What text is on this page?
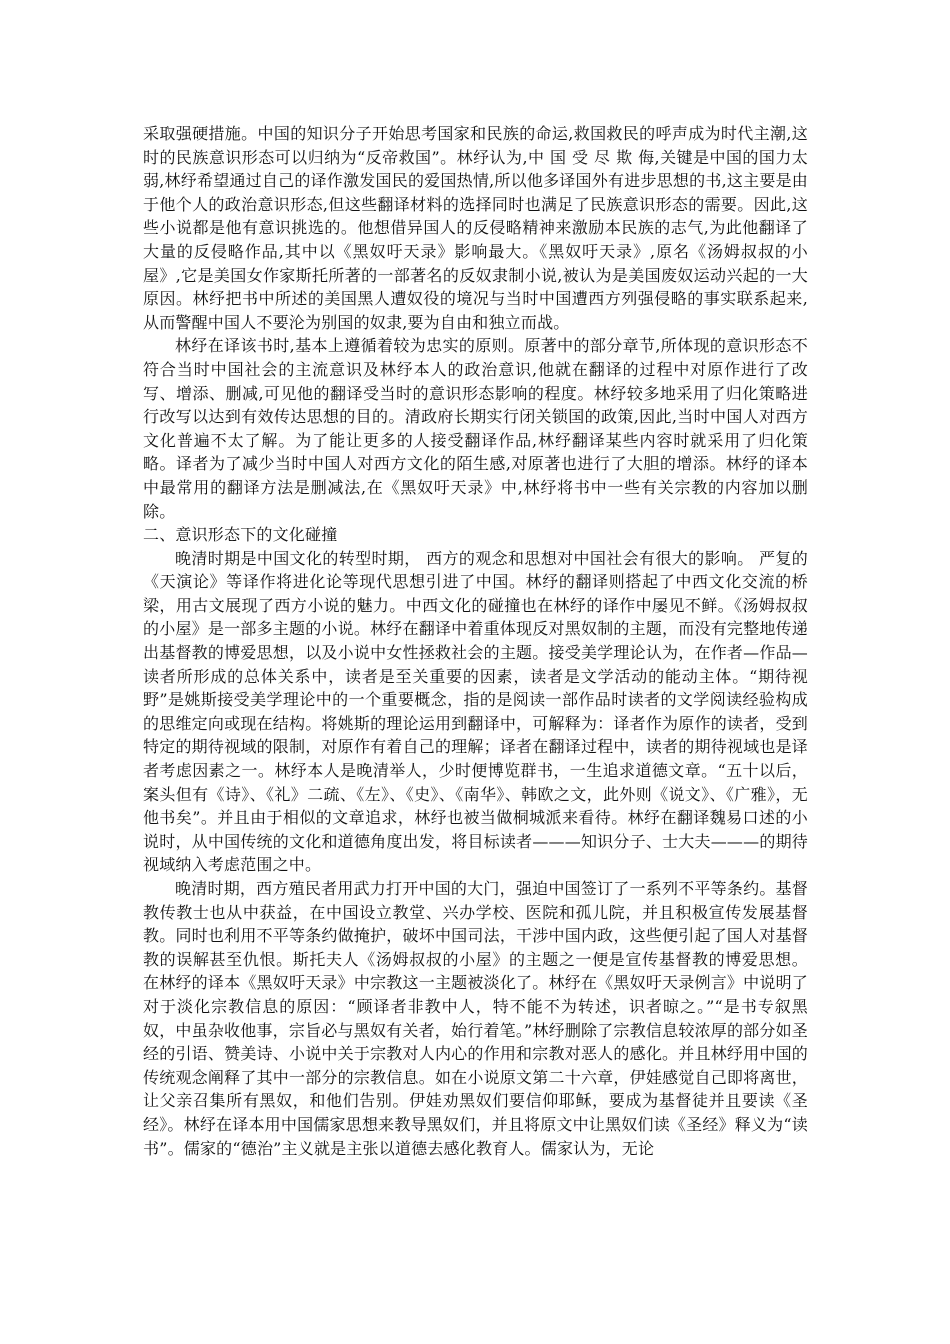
采取强硬措施。中国的知识分子开始思考国家和民族的命运,救国救民的呼声成为时代主潮,这时的民族意识形态可以归纳为“反帝救国”。林纾认为,中 国 受 尽 欺 侮,关键是中国的国力太弱,林纾希望通过自己的译作激发国民的爱国热情,所以他多译国外有进步思想的书,这主要是由于他个人的政治意识形态,但这些翻译材料的选择同时也满足了民族意识形态的需要。因此,这些小说都是他有意识挑选的。他想借异国人的反侵略精神来激励本民族的志气,为此他翻译了大量的反侵略作品,其中以《黑奴吁天录》影响最大。《黑奴吁天录》,原名《汤姆叔叔的小屋》,它是美国女作家斯托所著的一部著名的反奴隶制小说,被认为是美国废奴运动兴起的一大原因。林纾把书中所述的美国黑人遭奴役的境况与当时中国遭西方列强侵略的事实联系起来,从而警醒中国人不要沦为别国的奴隶,要为自由和独立而战。

林纾在译该书时,基本上遵循着较为忠实的原则。原著中的部分章节,所体现的意识形态不符合当时中国社会的主流意识及林纾本人的政治意识,他就在翻译的过程中对原作进行了改写、增添、删减,可见他的翻译受当时的意识形态影响的程度。林纾较多地采用了归化策略进行改写以达到有效传达思想的目的。清政府长期实行闭关锁国的政策,因此,当时中国人对西方文化普遍不太了解。为了能让更多的人接受翻译作品,林纾翻译某些内容时就采用了归化策略。译者为了减少当时中国人对西方文化的陌生感,对原著也进行了大胆的增添。林纾的译本中最常用的翻译方法是删减法,在《黑奴吁天录》中,林纾将书中一些有关宗教的内容加以删除。

二、意识形态下的文化碰撞

晚清时期是中国文化的转型时期， 西方的观念和思想对中国社会有很大的影响。 严复的《天演论》等译作将进化论等现代思想引进了中国。林纾的翻译则搭起了中西文化交流的桥梁，用古文展现了西方小说的魅力。中西文化的碰撞也在林纾的译作中屡见不鲜。《汤姆叔叔的小屋》是一部多主题的小说。林纾在翻译中着重体现反对黑奴制的主题，而没有完整地传递出基督教的博爱思想，以及小说中女性拯救社会的主题。接受美学理论认为，在作者—作品—读者所形成的总体关系中，读者是至关重要的因素，读者是文学活动的能动主体。“期待视野”是姚斯接受美学理论中的一个重要概念，指的是阅读一部作品时读者的文学阅读经验构成的思维定向或现在结构。将姚斯的理论运用到翻译中，可解释为：译者作为原作的读者，受到特定的期待视域的限制，对原作有着自己的理解；译者在翻译过程中，读者的期待视域也是译者考虑因素之一。林纾本人是晚清举人，少时便博览群书，一生追求道德文章。“五十以后，案头但有《诗》、《礼》二疏、《左》、《史》、《南华》、韩欧之文，此外则《说文》、《广雅》，无他书矣”。并且由于相似的文章追求，林纾也被当做桐城派来看待。林纾在翻译魏易口述的小说时，从中国传统的文化和道德角度出发，将目标读者———知识分子、士大夫———的期待视域纳入考虑范围之中。

晚清时期，西方殖民者用武力打开中国的大门，强迫中国签订了一系列不平等条约。基督教传教士也从中获益，在中国设立教堂、兴办学校、医院和孤儿院，并且积极宣传发展基督教。同时也利用不平等条约做掩护，破坏中国司法，干涉中国内政，这些便引起了国人对基督教的误解甚至仇恨。斯托夫人《汤姆叔叔的小屋》的主题之一便是宣传基督教的博爱思想。 在林纾的译本《黑奴吁天录》中宗教这一主题被淡化了。林纾在《黑奴吁天录例言》中说明了对于淡化宗教信息的原因：“顾译者非教中人，特不能不为转述，识者晾之。”“是书专叙黑奴，中虽杂收他事，宗旨必与黑奴有关者，始行着笔。”林纾删除了宗教信息较浓厚的部分如圣经的引语、赞美诗、小说中关于宗教对人内心的作用和宗教对恶人的感化。并且林纾用中国的传统观念阐释了其中一部分的宗教信息。如在小说原文第二十六章，伊娃感觉自己即将离世，让父亲召集所有黑奴，和他们告别。伊娃劝黑奴们要信仰耶稣，要成为基督徒并且要读《圣经》。林纾在译本用中国儒家思想来教导黑奴们，并且将原文中让黑奴们读《圣经》释义为“读书”。儒家的“德治”主义就是主张以道德去感化教育人。儒家认为，无论
